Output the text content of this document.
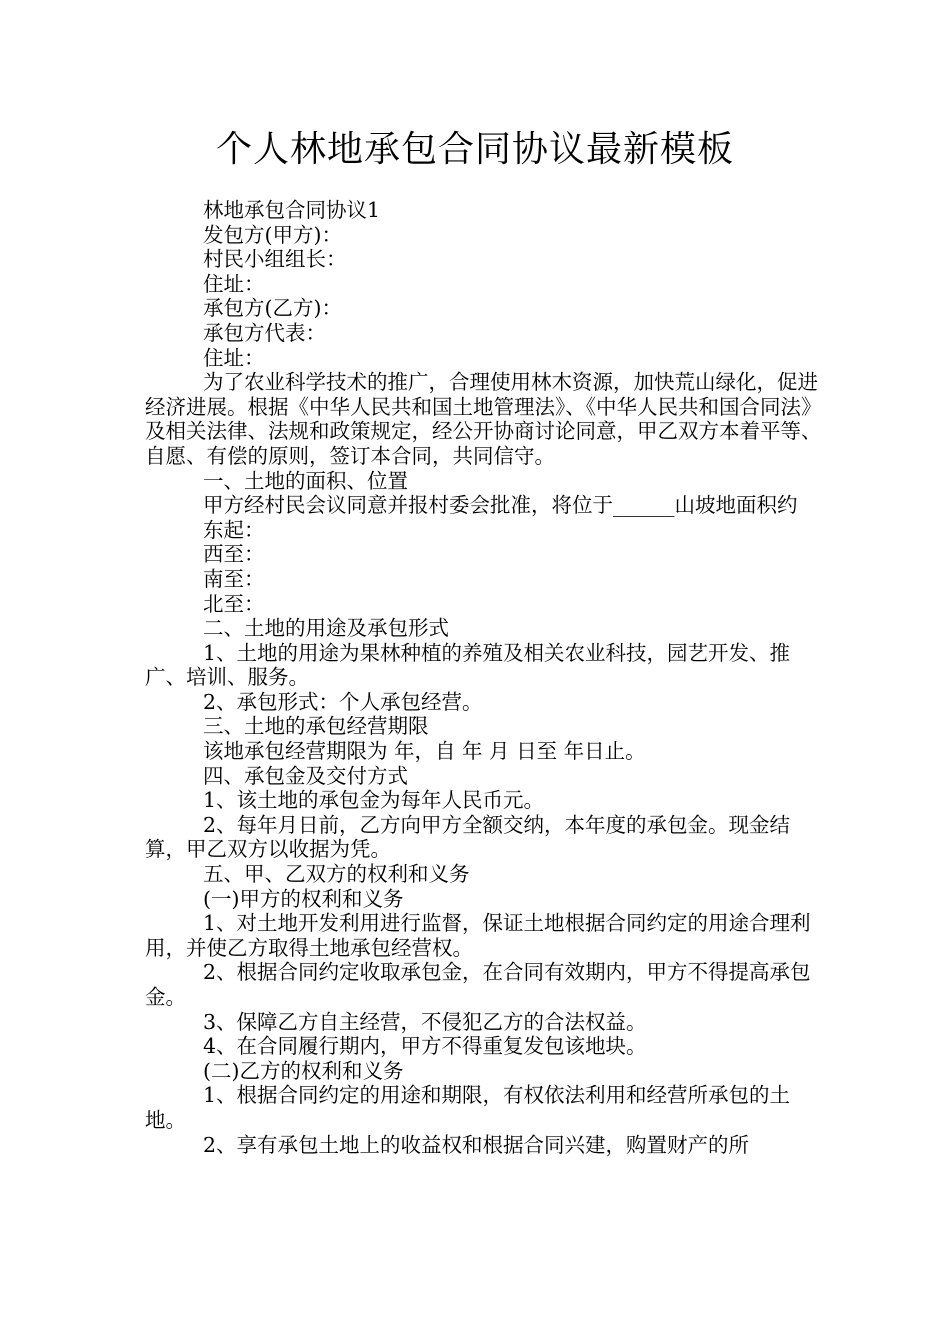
个人林地承包合同协议最新模板

林地承包合同协议1

发包方(甲方)：

村民小组组长：

住址：

承包方(乙方)：

承包方代表：

住址：

为了农业科学技术的推广，合理使用林木资源，加快荒山绿化，促进经济进展。根据《中华人民共和国土地管理法》、《中华人民共和国合同法》及相关法律、法规和政策规定，经公开协商讨论同意，甲乙双方本着平等、自愿、有偿的原则，签订本合同，共同信守。

一、土地的面积、位置

甲方经村民会议同意并报村委会批准，将位于______山坡地面积约

东起：

西至：

南至：

北至：

二、土地的用途及承包形式

1、土地的用途为果林种植的养殖及相关农业科技，园艺开发、推广、培训、服务。

2、承包形式：个人承包经营。

三、土地的承包经营期限

该地承包经营期限为 年，自 年 月 日至 年日止。

四、承包金及交付方式

1、该土地的承包金为每年人民币元。

2、每年月日前，乙方向甲方全额交纳，本年度的承包金。现金结算，甲乙双方以收据为凭。

五、甲、乙双方的权利和义务

(一)甲方的权利和义务

1、对土地开发利用进行监督，保证土地根据合同约定的用途合理利用，并使乙方取得土地承包经营权。

2、根据合同约定收取承包金，在合同有效期内，甲方不得提高承包金。

3、保障乙方自主经营，不侵犯乙方的合法权益。

4、在合同履行期内，甲方不得重复发包该地块。

(二)乙方的权利和义务

1、根据合同约定的用途和期限，有权依法利用和经营所承包的土地。

2、享有承包土地上的收益权和根据合同兴建，购置财产的所
